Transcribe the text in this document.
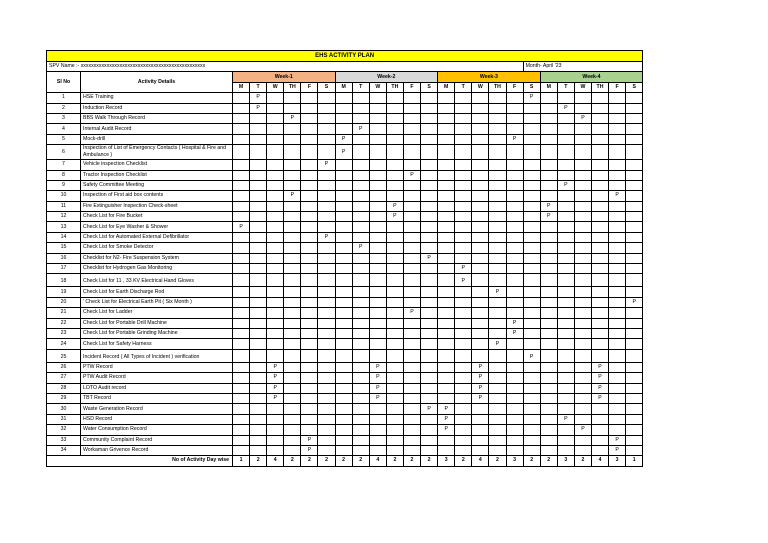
EHS ACTIVITY PLAN																									
SPV Name :- xxxxxxxxxxxxxxxxxxxxxxxxxxxxxxxxxxxxxxxxxxxxxxxx																			Month- April '23						
Sl No	Activity Details	Week-1						Week-2						Week-3						Week-4					
		M	T	W	TH	F	S	M	T	W	TH	F	S	M	T	W	TH	F	S	M	T	W	TH	F	S
1	HSE Training		P																P						
2	Induction Record		P																		P				
3	BBS Walk Through Record				P																	P			
4	Internal Audit Record								P																
5	Mock-drill							P										P							
6	Inspection of List of Emergency Contacts ( Hospital & Fire and Ambulance )							P																	
7	Vehicle inspection Checklist						P																		
8	Tractor Inspection Checklist											P													
9	Safety Committee Meeting																				P				
10	Inspection of First aid box contents				P																			P	
11	Fire Extinguisher Inspection Check-sheet										P									P					
12	Check List for Fire Bucket										P									P					
13	Check List for Eye Washer & Shower	P																							
14	Check List for Automated External Defibrillator						P																		
15	Check List for Smoke Detector								P																
16	Checklist for N2- Fire Suspension System												P												
17	Checklist for Hydrogen Gas Monitoring														P										
18	Check List for 11 , 33 KV Electrical Hand Gloves														P										
19	Check List for Earth Discharge Rod																P								
20	' Check List for Electrical Earth Pit ( Six Month )																								P
21	Check List for Ladder											P													
22	Check List for Portable Drill Machine																	P							
23	Check List for Portable Grinding Machine																	P							
24	Check List for Safety Harness																P								
25	Incident Record ( All Types of Incident ) verification																		P						
26	PTW Record			P						P						P							P		
27	PTW Audit Record			P						P						P							P		
28	LOTO Audit record			P						P						P							P		
29	TBT Record			P						P						P							P		
30	Waste Generation Record												P	P											
31	HSD Record													P							P				
32	Water Consumption Record													P								P			
33	Community Complaint Record					P																		P	
34	Workaman Grivence Record					P																		P	
No of Activity Day wise		1	2	4	2	2	2	2	2	4	2	2	2	3	2	4	2	3	2	2	3	2	4	3	1
